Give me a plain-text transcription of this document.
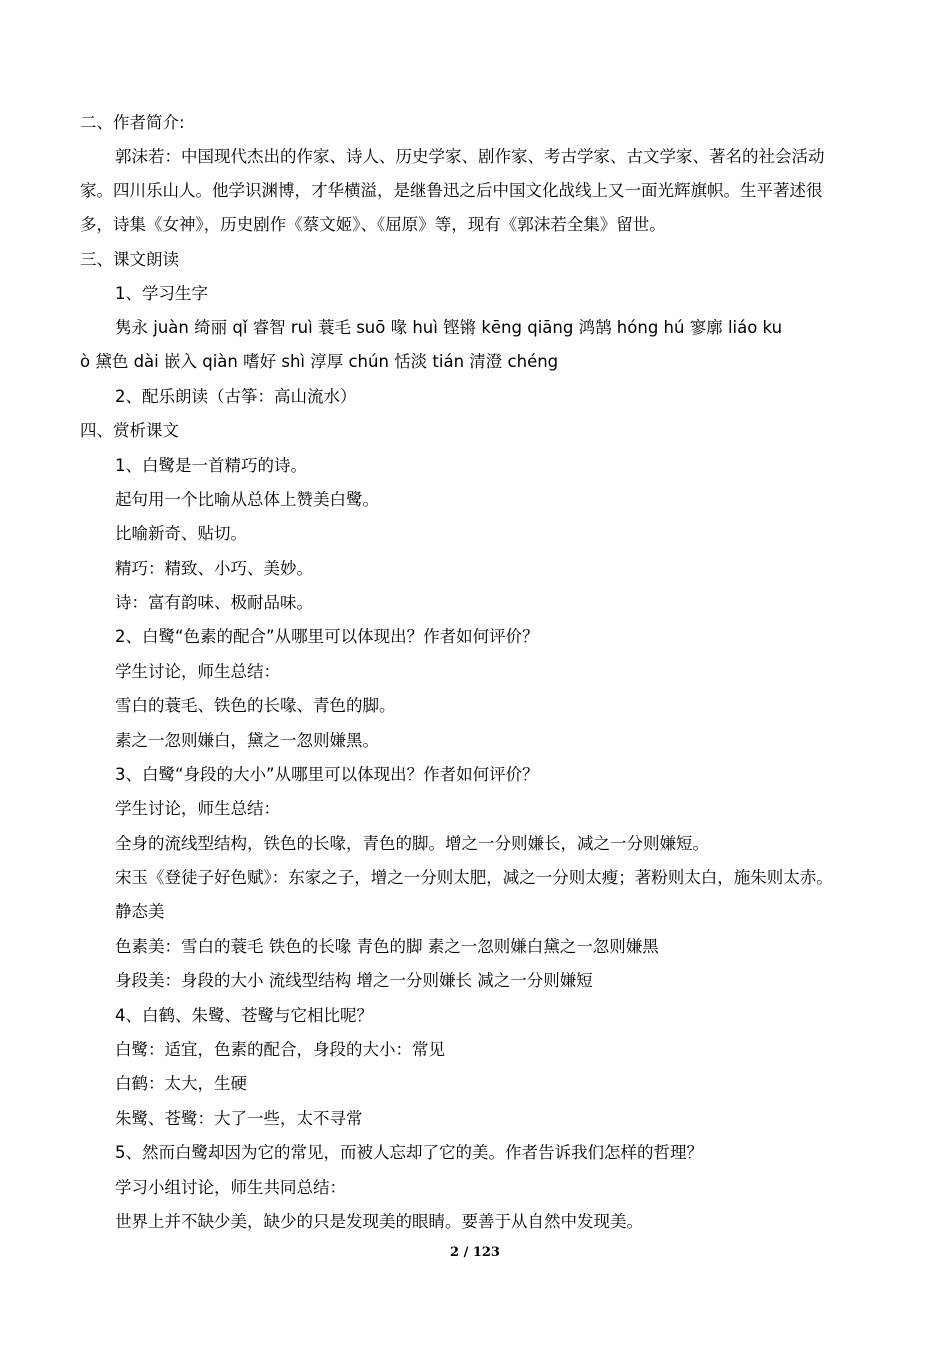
二、作者简介:
郭沫若：中国现代杰出的作家、诗人、历史学家、剧作家、考古学家、古文学家、著名的社会活动
家。四川乐山人。他学识渊博，才华横溢，是继鲁迅之后中国文化战线上又一面光辉旗帜。生平著述很
多，诗集《女神》，历史剧作《蔡文姬》、《屈原》等，现有《郭沫若全集》留世。
三、课文朗读
1、学习生字
隽永 juàn 绮丽 qǐ 睿智 ruì 蓑毛 suō 喙 huì 铿锵 kēng qiāng 鸿鹄 hóng hú 寥廓 liáo ku
ò 黛色 dài 嵌入 qiàn 嗜好 shì 淳厚 chún 恬淡 tián 清澄 chéng
2、配乐朗读（古筝：高山流水）
四、赏析课文
1、白鹭是一首精巧的诗。
起句用一个比喻从总体上赞美白鹭。
比喻新奇、贴切。
精巧：精致、小巧、美妙。
诗：富有韵味、极耐品味。
2、白鹭“色素的配合”从哪里可以体现出？作者如何评价？
学生讨论，师生总结：
雪白的蓑毛、铁色的长喙、青色的脚。
素之一忽则嫌白，黛之一忽则嫌黑。
3、白鹭“身段的大小”从哪里可以体现出？作者如何评价？
学生讨论，师生总结：
全身的流线型结构，铁色的长喙，青色的脚。增之一分则嫌长，减之一分则嫌短。
宋玉《登徒子好色赋》：东家之子，增之一分则太肥，减之一分则太瘦；著粉则太白，施朱则太赤。
静态美
色素美：雪白的蓑毛 铁色的长喙 青色的脚 素之一忽则嫌白黛之一忽则嫌黑
身段美：身段的大小 流线型结构 增之一分则嫌长 减之一分则嫌短
4、白鹤、朱鹭、苍鹭与它相比呢？
白鹭：适宜，色素的配合，身段的大小：常见
白鹤：太大，生硬
朱鹭、苍鹭：大了一些，太不寻常
5、然而白鹭却因为它的常见，而被人忘却了它的美。作者告诉我们怎样的哲理？
学习小组讨论，师生共同总结：
世界上并不缺少美，缺少的只是发现美的眼睛。要善于从自然中发现美。
2 / 123
